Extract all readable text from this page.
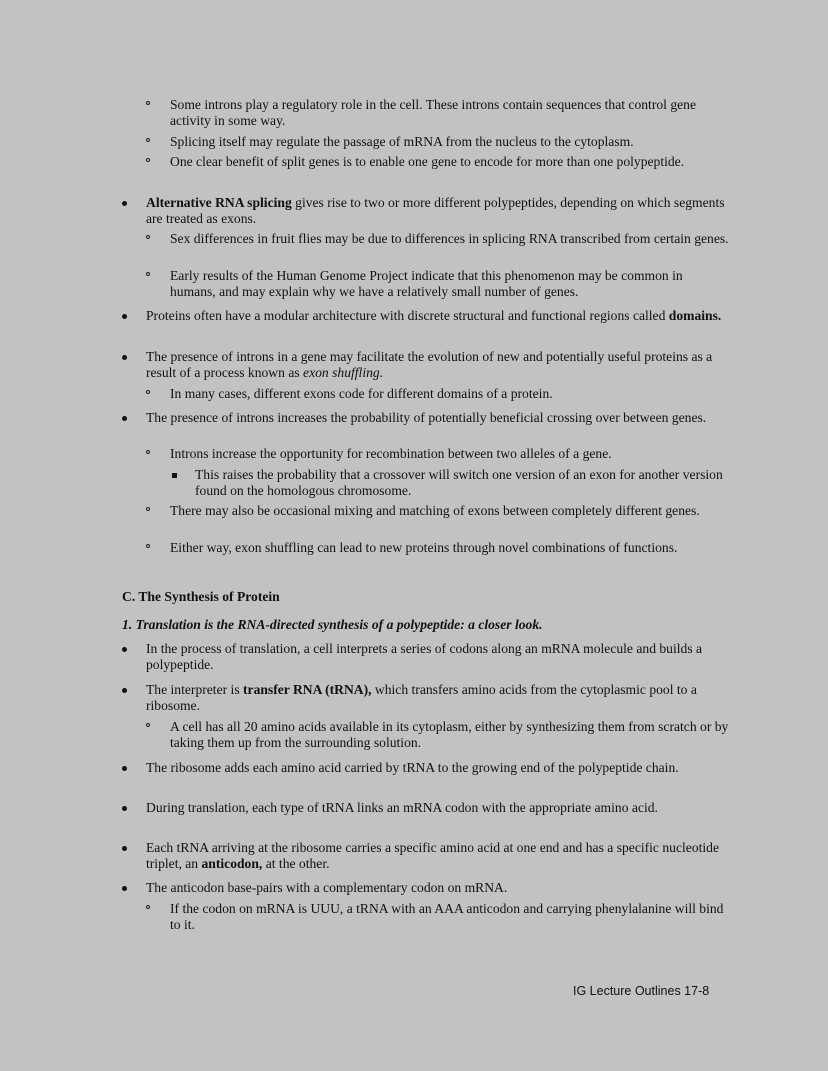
Some introns play a regulatory role in the cell. These introns contain sequences that control gene activity in some way.
Splicing itself may regulate the passage of mRNA from the nucleus to the cytoplasm.
One clear benefit of split genes is to enable one gene to encode for more than one polypeptide.
Alternative RNA splicing gives rise to two or more different polypeptides, depending on which segments are treated as exons.
Sex differences in fruit flies may be due to differences in splicing RNA transcribed from certain genes.
Early results of the Human Genome Project indicate that this phenomenon may be common in humans, and may explain why we have a relatively small number of genes.
Proteins often have a modular architecture with discrete structural and functional regions called domains.
The presence of introns in a gene may facilitate the evolution of new and potentially useful proteins as a result of a process known as exon shuffling.
In many cases, different exons code for different domains of a protein.
The presence of introns increases the probability of potentially beneficial crossing over between genes.
Introns increase the opportunity for recombination between two alleles of a gene.
This raises the probability that a crossover will switch one version of an exon for another version found on the homologous chromosome.
There may also be occasional mixing and matching of exons between completely different genes.
Either way, exon shuffling can lead to new proteins through novel combinations of functions.
C. The Synthesis of Protein
1. Translation is the RNA-directed synthesis of a polypeptide: a closer look.
In the process of translation, a cell interprets a series of codons along an mRNA molecule and builds a polypeptide.
The interpreter is transfer RNA (tRNA), which transfers amino acids from the cytoplasmic pool to a ribosome.
A cell has all 20 amino acids available in its cytoplasm, either by synthesizing them from scratch or by taking them up from the surrounding solution.
The ribosome adds each amino acid carried by tRNA to the growing end of the polypeptide chain.
During translation, each type of tRNA links an mRNA codon with the appropriate amino acid.
Each tRNA arriving at the ribosome carries a specific amino acid at one end and has a specific nucleotide triplet, an anticodon, at the other.
The anticodon base-pairs with a complementary codon on mRNA.
If the codon on mRNA is UUU, a tRNA with an AAA anticodon and carrying phenylalanine will bind to it.
IG Lecture Outlines 17-8
